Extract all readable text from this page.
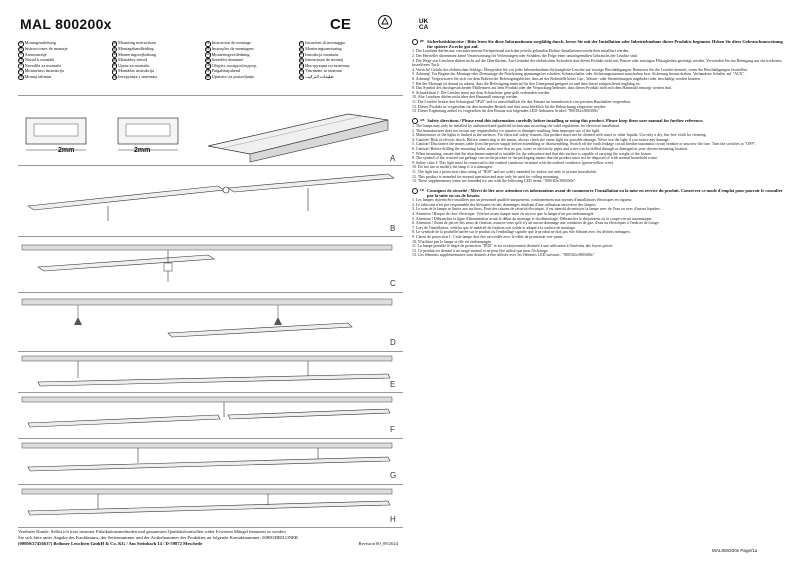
MAL 800200x	CE	UK
CA
DE Montageanleitung	GB Mounting instructions	FR Instruction de montage	IT Istruzioni di montaggio
ES Instrucciones de montaje	NL Montagehandleiding	PT Instruções de montagem	SE Monteringsanvisning
FI Asennusohje	DK Monteringsvejledning	NO Monteringsveiledning	PL Instrukcja montażu
CZ Návod k montáži	SK Montážny návod	HU Szerelési útmutató	RO Instrucțiuni de montaj
SI Navodila za montažo	HR Upute za montažu	GR Οδηγίες συναρμολόγησης	RU Инструкция по монтажу
LT Montavimo instrukcija	LV Montāžas instrukcija	EE Paigaldusjuhend	BG Упътване за монтаж
TR Montaj talimatı	UA Інструкція з монтажу	RS Uputstvo za postavljanje	AR تعليمات التركيب
2mm	2mm
A
B
C
D
E
F
G
H
Verehrter Kunde. Selbst ich trotz neuester Fabrikationsmethoden und genauesten Qualitätskontrollen wider Erwarten Mängel benutzen so werden
Sie sich bitte unter Angabe des Kaufdatums, der Seriennummer und der Artikelnummer des Produktes an folgende Kontaktnummer: 00800/BRILONER
(00800/27456637) Briloner Leuchten GmbH & Co. KG / Am Steinbach 14 / D-59872 Meschede	Revision 00_09/2024
DE Sicherheitshinweise / Bitte lesen Sie diese Informationen sorgfältig durch, bevor Sie mit der Installation oder Inbetriebnahme dieses Produkts beginnen. Heben Sie diese Gebrauchsanweisung für spätere Zwecke gut auf.

1. Die Leuchten dürfen nur von autorisierten Fachpersonal nach den jeweils geltenden Elektro-Installationsvorschriften installiert werden.

2. Der Hersteller übernimmt keine Verantwortung für Verletzungen oder Schäden, die Folge einer unsachgemäßen Gebrauchs der Leuchte sind.

3. Die Wege von Leuchten dürfen nicht auf die Oberflächen. Aus Gründen der elektrischen Sicherheit darf dieses Produkt nicht mit Wasser oder sonstigen Flüssigkeiten gereinigt werden. Verwenden Sie zur Reinigung nur ein trockenes, fusselfreies Tuch.

4. Vorsicht! Gefahr des elektrischen Schlags. Überprüfen Sie vor jeder Inbetriebnahme die komplette Leuchte auf etwaige Beschädigungen. Benutzen Sie die Leuchte niemals, wenn Sie Beschädigungen feststellen.

5. Achtung! Vor Beginn der Montage oder Demontage die Netzleitung spannungsfrei schalten. Schutzschalter oder Sicherungsautomat ausschalten bzw. Sicherung heraus drehen. Vorhandene Schalter auf "AUS".

6. Achtung! Vergewissern Sie sich vor dem Bohren der Befestigungslöcher, dass an der Bohrstelle keine Gas-, Wasser- oder Stromleitungen angebohrt oder beschädigt werden können.

7. Bei der Montage ist darauf zu achten, dass die Befestigung material für den Untergrund geeignet ist und dass dieser entsprechend tragfähig ist.

8. Das Symbol des durchgestrichenen Mülleimers auf dem Produkt oder der Verpackung bedeutet, dass dieses Produkt nicht mit dem Hausmüll entsorgt werden darf.

9. Schutzklasse I: Die Leuchte muss mit dem Schutzleiter grün-gelb verbunden werden.

10. Alte Leuchten dürfen nicht über den Hausmüll entsorgt werden.

11. Die Leuchte besitzt den Schutzgrad "IP20" und ist ausschließlich für den Einsatz im Innenbereich von privaten Haushalten vorgesehen.

12. Dieses Produkt ist vorgesehen für den normalen Betrieb und darf ausschließlich für die Beleuchtung eingesetzt werden.

13. Dieser Ergänzung artikel ist vorgesehen für den Einsatz mit folgenden LED-Anbauten Artikel: "800182x/800300x"

GB Safety directions / Please read this information carefully before installing or using this product. Please keep these user manual for further reference.

1. The lamps may only be installed by authorized and qualified technicians according the valid regulations for electrical installation.

2. The manufacturer does not accept any responsibility for injuries or damages resulting from improper use of the light.

3. Maintenance of the lights is limited to the surfaces. For electrical safety reasons, this product must not be cleaned with water or other liquids. Use only a dry, lint-free cloth for cleaning.

4. Caution! Risk of electric shock. Before connecting to the mains, always check the entire light for possible damage. Never use the light if you notice any damage.

5. Caution! Disconnect the mains cable from the power supply before assembling or disassembling. Switch off the earth leakage circuit breaker/automatic circuit breaker or unscrew the fuse. Turn the switches to "OFF".

6. Caution! Before drilling the mounting holes, make sure that no gas, water or electricity pipes and wires can be drilled through or damaged at your chosen mounting location.

7. When mounting, ensure that the attachment material is suitable for the subsurface and that this surface is capable of carrying the weight of the fixture.

8. The symbol of the crossed-out garbage can on the product or the packaging means that the product must not be disposed of with normal household waste.

9. Safety class I: This light must be connected to the earthed conductor terminal with the earthed conductor (green-yellow wire).

10. Do not use or modify the lamp if it is damaged.

11. The light has a protection class rating of "IP20" and are solely intended for indoor use only of private households.

12. This product is intended for normal operation and may only be used for ceiling mounting.

13. These supplementary items are intended for use with the following LED items: "800182x/800300x"

FR Consignes de sécurité / Merci de lire avec attention ces informations avant de commencer l'installation ou la mise en service du produit. Conservez ce mode d'emploi pour pouvoir le consulter par la suite en cas de besoin.

1. Les lampes doivent être installées par un personnel qualifié uniquement, conformément aux normes d'installations électriques en vigueur.

2. Le fabricant n'est pas responsable des blessures ou des dommages résultant d'une utilisation incorrecte des lampes.

3. Le soin de la lampe se limite aux surfaces. Pour des raisons de sécurité électrique, il est interdit de nettoyer la lampe avec de l'eau ou avec d'autres liquides.

4. Attention ! Risque de choc électrique. Vérifiez avant chaque mise en service que la lampe n'est pas endommagée.

5. Attention ! Débrancher la ligne d'alimentation avant le début du montage et du démontage. Débrancher le disjoncteur ou le coupe-circuit automatique.

6. Attention ! Avant de percer des trous de fixation, assurez-vous qu'il n'y ait aucun dommage aux conduites de gaz, d'eau ou électriques à l'endroit de forage.

7. Lors de l'installation, vérifiez que le matériel de fixation soit solide et adapté à la surface de montage.

8. Le symbole de la poubelle barrée sur le produit ou l'emballage signifie que le produit ne doit pas être éliminé avec les déchets ménagers.

9. Classe de protection I : Cette lampe doit être raccordée avec le câble de protection vert-jaune.

10. N'utilisez pas la lampe si elle est endommagée.

11. La lampe possède le degré de protection "IP20" et est exclusivement destinée à une utilisation à l'intérieur des foyers privés.

12. Ce produit est destiné à un usage normal et ne peut être utilisé que pour l'éclairage.

13. Ces éléments supplémentaires sont destinés à être utilisés avec les éléments LED suivants : "800182x/800300x"

MAL800200x Page/1a
